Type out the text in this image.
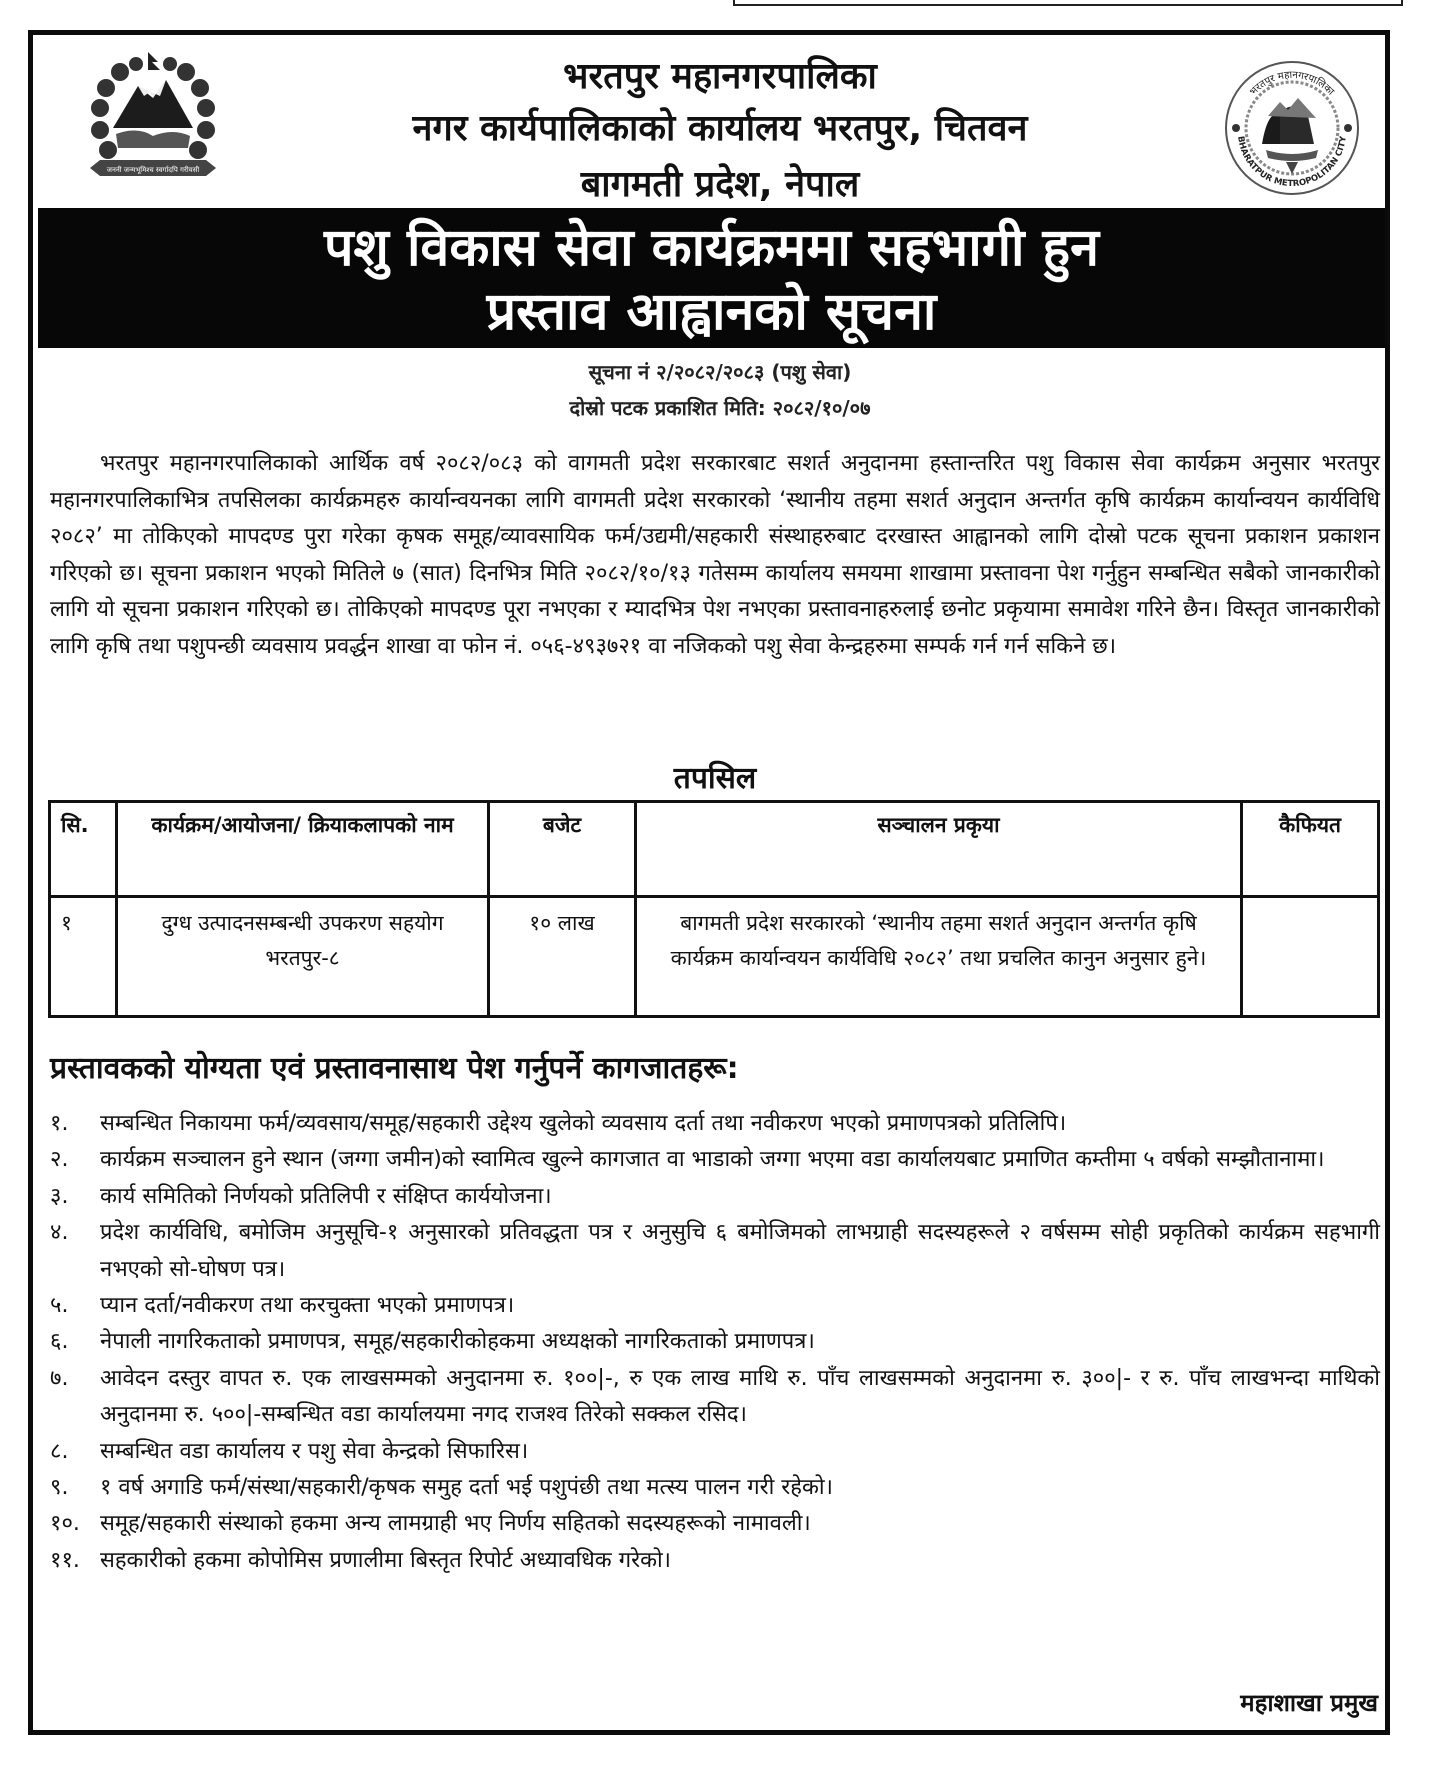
जननी जन्मभूमिश्च स्वर्गादपि गरीयसी
भरतपुर महानगरपालिका
BHARATPUR METROPOLITAN CITY
भरतपुर महानगरपालिका
नगर कार्यपालिकाको कार्यालय भरतपुर, चितवन
बागमती प्रदेश, नेपाल
पशु विकास सेवा कार्यक्रममा सहभागी हुन
प्रस्ताव आह्वानको सूचना
सूचना नं २/२०८२/२०८३ (पशु सेवा)
दोस्रो पटक प्रकाशित मिति: २०८२/१०/०७
भरतपुर महानगरपालिकाको आर्थिक वर्ष २०८२/०८३ को वागमती प्रदेश सरकारबाट सशर्त अनुदानमा हस्तान्तरित पशु विकास सेवा कार्यक्रम अनुसार भरतपुर महानगरपालिकाभित्र तपसिलका कार्यक्रमहरु कार्यान्वयनका लागि वागमती प्रदेश सरकारको ‘स्थानीय तहमा सशर्त अनुदान अन्तर्गत कृषि कार्यक्रम कार्यान्वयन कार्यविधि २०८२’ मा तोकिएको मापदण्ड पुरा गरेका कृषक समूह/व्यावसायिक फर्म/उद्यमी/सहकारी संस्थाहरुबाट दरखास्त आह्वानको लागि दोस्रो पटक सूचना प्रकाशन प्रकाशन गरिएको छ। सूचना प्रकाशन भएको मितिले ७ (सात) दिनभित्र मिति २०८२/१०/१३ गतेसम्म कार्यालय समयमा शाखामा प्रस्तावना पेश गर्नुहुन सम्बन्धित सबैको जानकारीको लागि यो सूचना प्रकाशन गरिएको छ। तोकिएको मापदण्ड पूरा नभएका र म्यादभित्र पेश नभएका प्रस्तावनाहरुलाई छनोट प्रकृयामा समावेश गरिने छैन। विस्तृत जानकारीको लागि कृषि तथा पशुपन्छी व्यवसाय प्रवर्द्धन शाखा वा फोन नं. ०५६-४९३७२१ वा नजिकको पशु सेवा केन्द्रहरुमा सम्पर्क गर्न गर्न सकिने छ।
तपसिल
सि.	कार्यक्रम/आयोजना/ क्रियाकलापको नाम	बजेट	सञ्चालन प्रकृया	कैफियत
१	दुग्ध उत्पादनसम्बन्धी उपकरण सहयोग भरतपुर-८	१० लाख	बागमती प्रदेश सरकारको ‘स्थानीय तहमा सशर्त अनुदान अन्तर्गत कृषि कार्यक्रम कार्यान्वयन कार्यविधि २०८२’ तथा प्रचलित कानुन अनुसार हुने।	
प्रस्तावकको योग्यता एवं प्रस्तावनासाथ पेश गर्नुपर्ने कागजातहरू:
१.	सम्बन्धित निकायमा फर्म/व्यवसाय/समूह/सहकारी उद्देश्य खुलेको व्यवसाय दर्ता तथा नवीकरण भएको प्रमाणपत्रको प्रतिलिपि।
२.	कार्यक्रम सञ्चालन हुने स्थान (जग्गा जमीन)को स्वामित्व खुल्ने कागजात वा भाडाको जग्गा भएमा वडा कार्यालयबाट प्रमाणित कम्तीमा ५ वर्षको सम्झौतानामा।
३.	कार्य समितिको निर्णयको प्रतिलिपी र संक्षिप्त कार्ययोजना।
४.	प्रदेश कार्यविधि, बमोजिम अनुसूचि-१ अनुसारको प्रतिवद्धता पत्र र अनुसुचि ६ बमोजिमको लाभग्राही सदस्यहरूले २ वर्षसम्म सोही प्रकृतिको कार्यक्रम सहभागी नभएको सो-घोषण पत्र।
५.	प्यान दर्ता/नवीकरण तथा करचुक्ता भएको प्रमाणपत्र।
६.	नेपाली नागरिकताको प्रमाणपत्र, समूह/सहकारीकोहकमा अध्यक्षको नागरिकताको प्रमाणपत्र।
७.	आवेदन दस्तुर वापत रु. एक लाखसम्मको अनुदानमा रु. १००|-, रु एक लाख माथि रु. पाँच लाखसम्मको अनुदानमा रु. ३००|- र रु. पाँच लाखभन्दा माथिको अनुदानमा रु. ५००|-सम्बन्धित वडा कार्यालयमा नगद राजश्व तिरेको सक्कल रसिद।
८.	सम्बन्धित वडा कार्यालय र पशु सेवा केन्द्रको सिफारिस।
९.	१ वर्ष अगाडि फर्म/संस्था/सहकारी/कृषक समुह दर्ता भई पशुपंछी तथा मत्स्य पालन गरी रहेको।
१०. समूह/सहकारी संस्थाको हकमा अन्य लामग्राही भए निर्णय सहितको सदस्यहरूको नामावली।
११. सहकारीको हकमा कोपोमिस प्रणालीमा बिस्तृत रिपोर्ट अध्यावधिक गरेको।
महाशाखा प्रमुख
